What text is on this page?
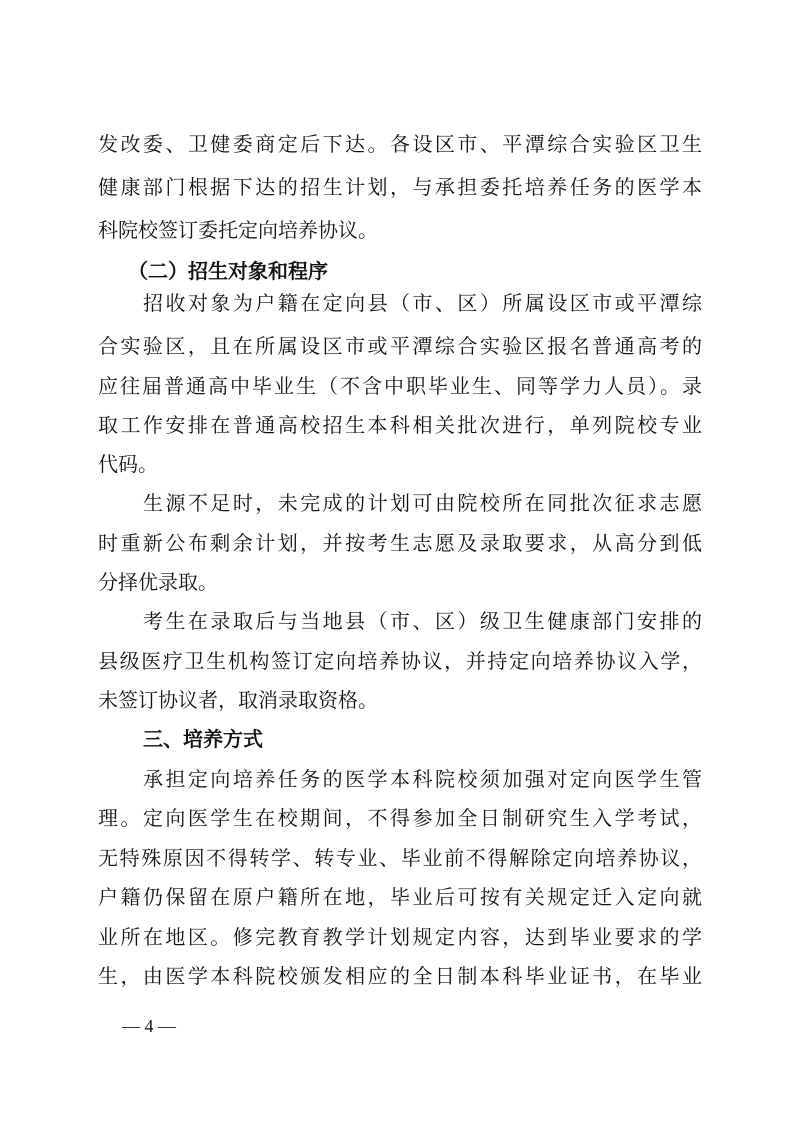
发改委、卫健委商定后下达。各设区市、平潭综合实验区卫生
健康部门根据下达的招生计划，与承担委托培养任务的医学本
科院校签订委托定向培养协议。
（二）招生对象和程序
招收对象为户籍在定向县（市、区）所属设区市或平潭综
合实验区，且在所属设区市或平潭综合实验区报名普通高考的
应往届普通高中毕业生（不含中职毕业生、同等学力人员）。录
取工作安排在普通高校招生本科相关批次进行，单列院校专业
代码。
生源不足时，未完成的计划可由院校所在同批次征求志愿
时重新公布剩余计划，并按考生志愿及录取要求，从高分到低
分择优录取。
考生在录取后与当地县（市、区）级卫生健康部门安排的
县级医疗卫生机构签订定向培养协议，并持定向培养协议入学，
未签订协议者，取消录取资格。
三、培养方式
承担定向培养任务的医学本科院校须加强对定向医学生管
理。定向医学生在校期间，不得参加全日制研究生入学考试，
无特殊原因不得转学、转专业、毕业前不得解除定向培养协议，
户籍仍保留在原户籍所在地，毕业后可按有关规定迁入定向就
业所在地区。修完教育教学计划规定内容，达到毕业要求的学
生，由医学本科院校颁发相应的全日制本科毕业证书，在毕业
— 4 —
